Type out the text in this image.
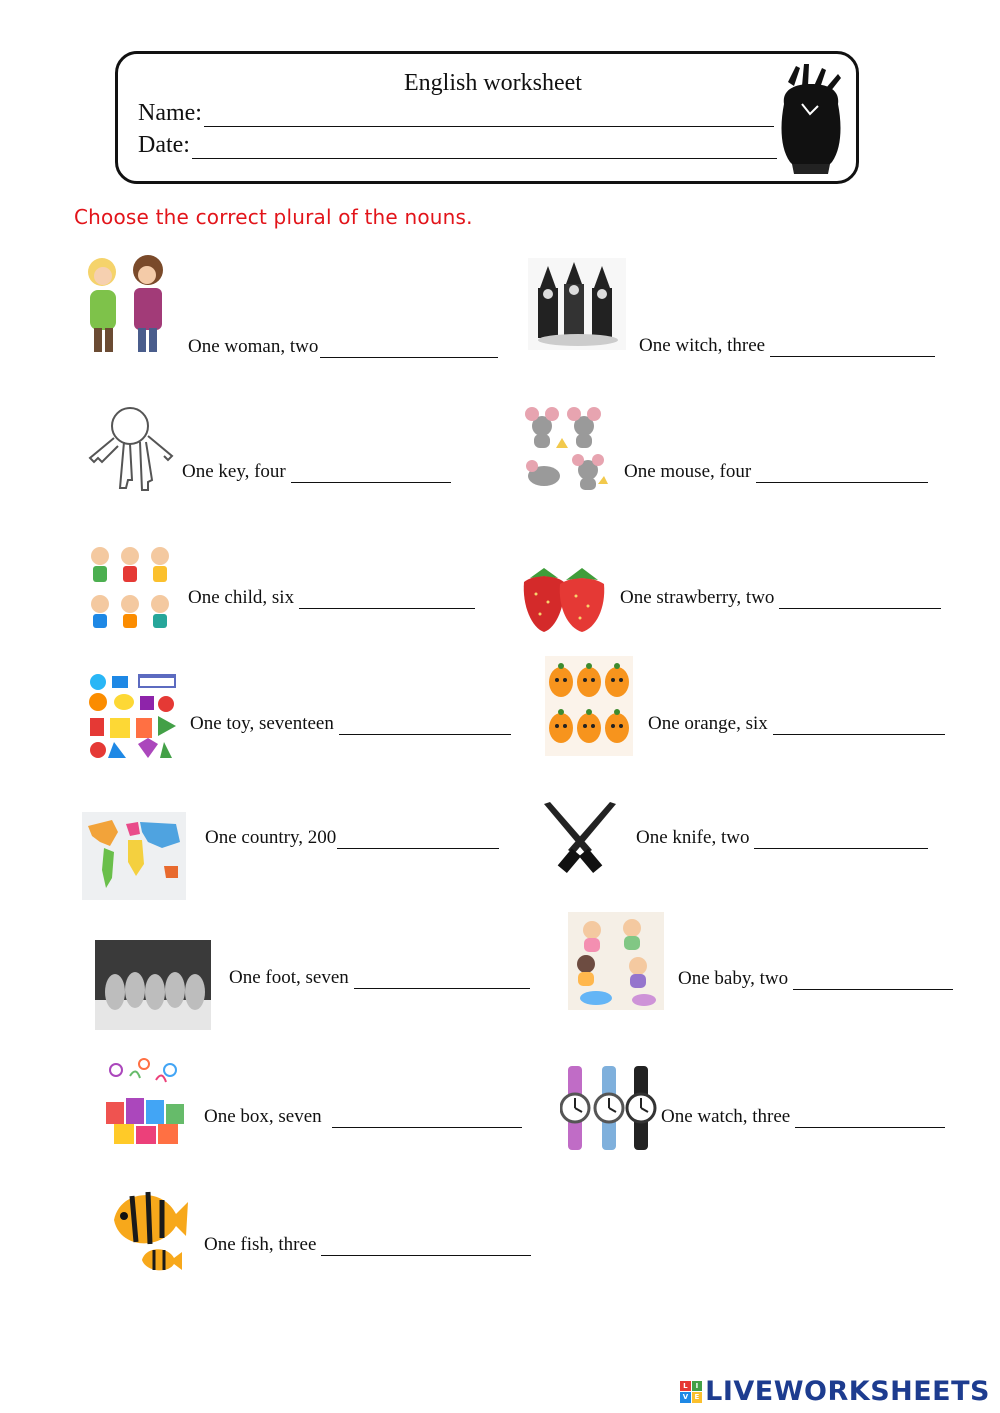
English worksheet
Name:
Date:
Choose the correct plural of the nouns.
One woman, two	One witch, three
One key, four	One mouse, four
One child, six	One strawberry, two
One toy, seventeen	One orange, six
One country, 200	One knife, two
One foot, seven	One baby, two
One box, seven	One watch, three
One fish, three
L	I
V E LIVEWORKSHEETS
